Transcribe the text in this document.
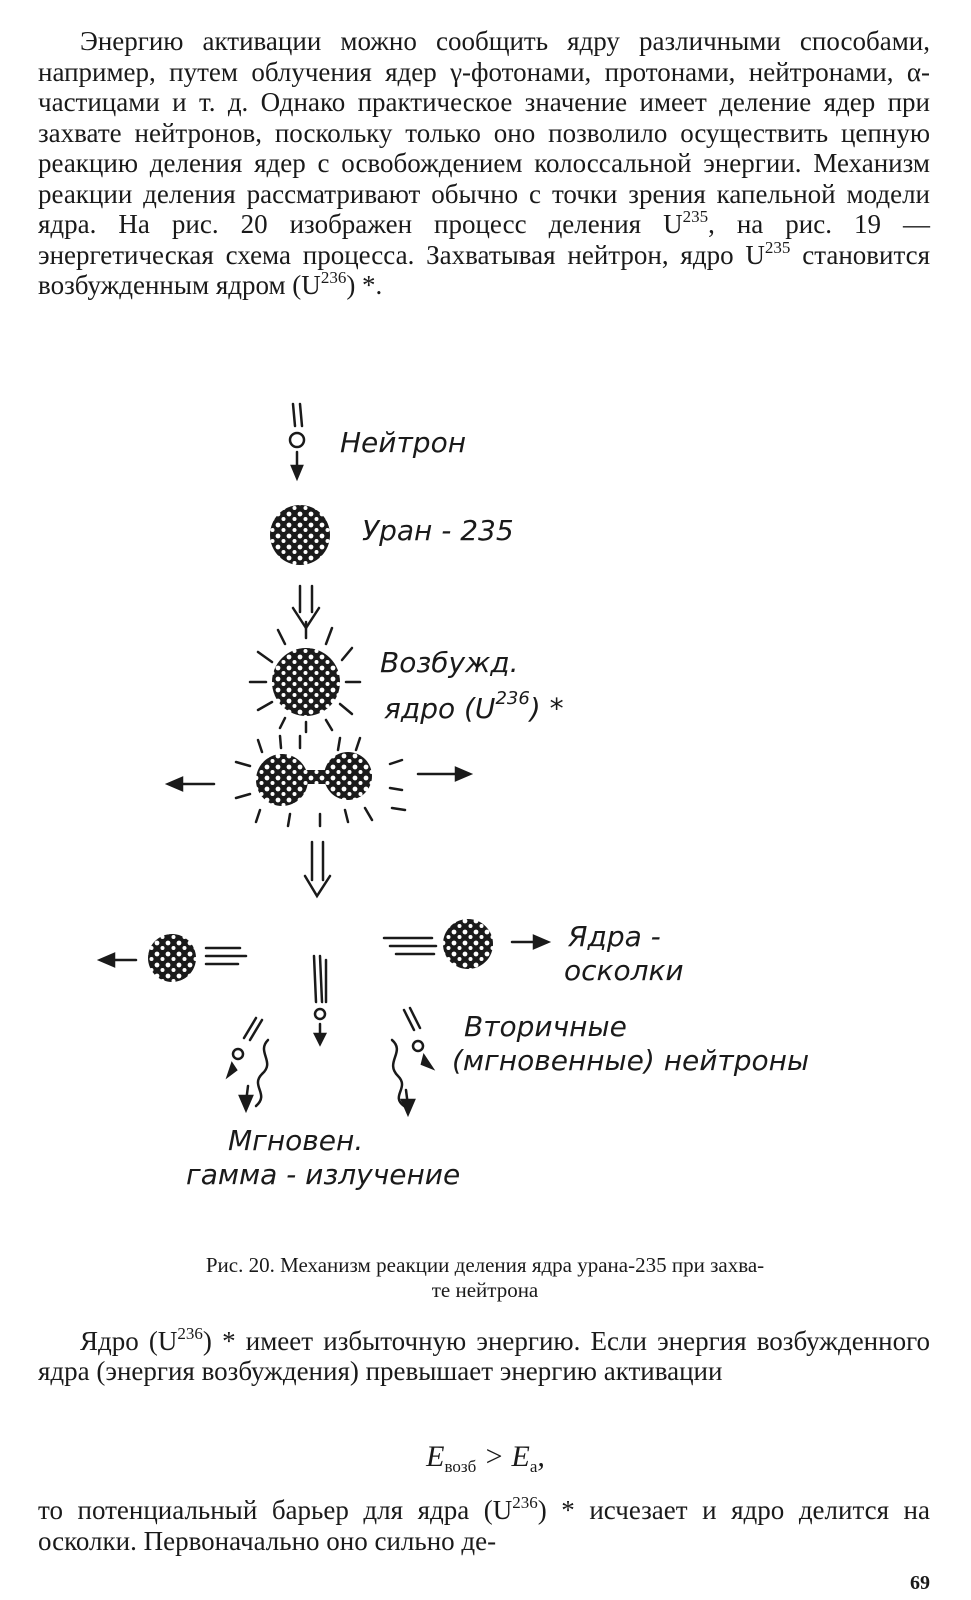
Энергию активации можно сообщить ядру различными способами, например, путем облучения ядер γ-фотонами, протонами, нейтронами, α-частицами и т. д. Однако практическое значение имеет деление ядер при захвате нейтронов, поскольку только оно позволило осуществить цепную реакцию деления ядер с освобождением колоссальной энергии. Механизм реакции деления рассматривают обычно с точки зрения капельной модели ядра. На рис. 20 изображен процесс деления $U^{235}$, на рис. 19 — энергетическая схема процесса. Захватывая нейтрон, ядро $U^{235}$ становится возбужденным ядром $(U^{236})$ *.

Нейтрон
Уран - 235
Возбужд.
ядро $(U^{236})$ *
Ядра -
осколки
Вторичные
(мгновенные) нейтроны
Мгновен.
гамма - излучение
Рис. 20. Механизм реакции деления ядра урана-235 при захва-
те нейтрона

Ядро $(U^{236})$ * имеет избыточную энергию. Если энергия возбужденного ядра (энергия возбуждения) превышает энергию активации

$E_{возб} > E_а$,

то потенциальный барьер для ядра $(U^{236})$ * исчезает и ядро делится на осколки. Первоначально оно сильно де-

69
